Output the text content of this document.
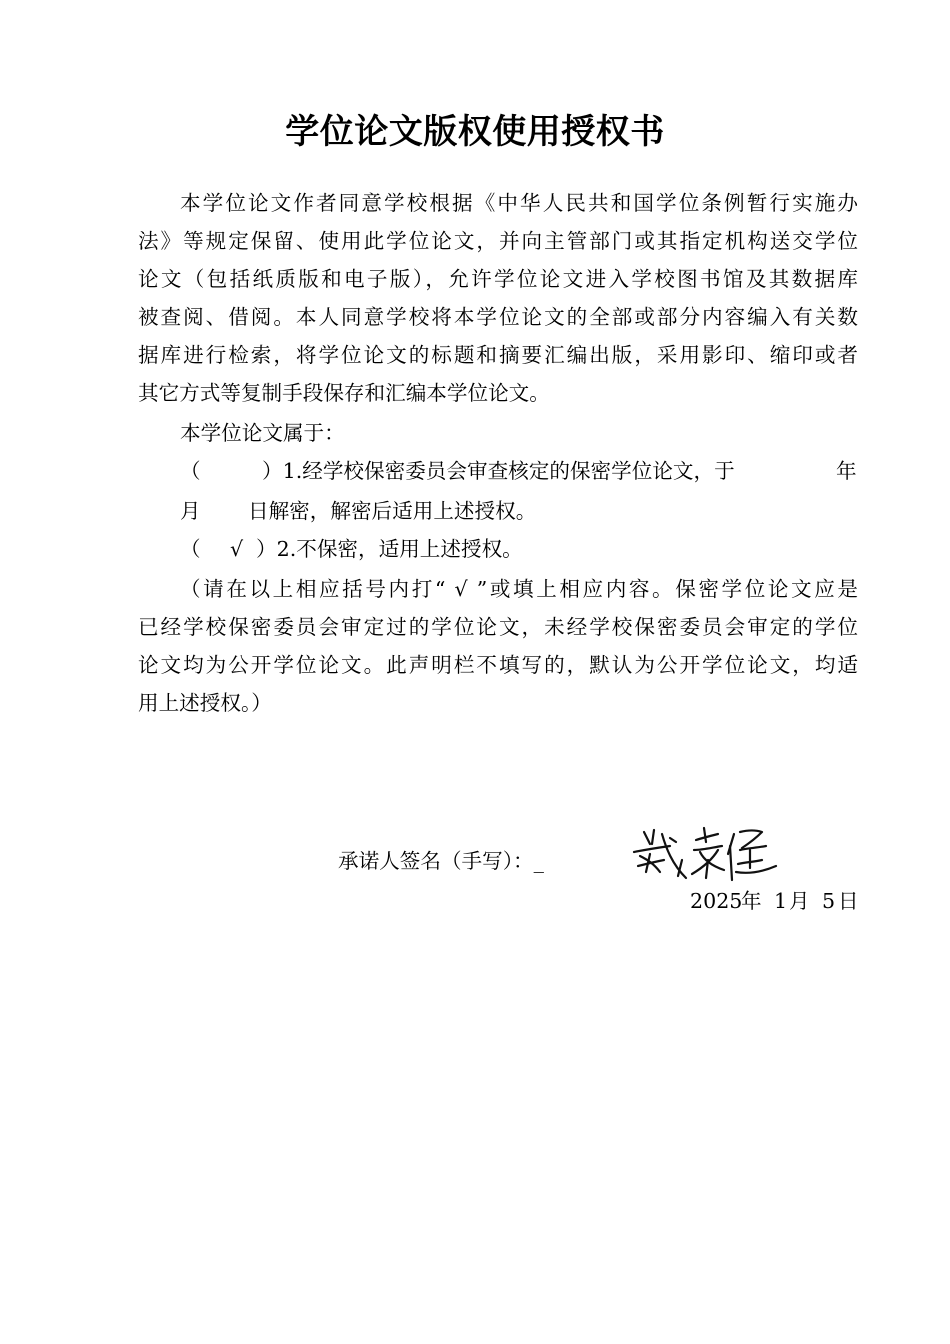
学位论文版权使用授权书
本学位论文作者同意学校根据《中华人民共和国学位条例暂行实施办
法》等规定保留、使用此学位论文，并向主管部门或其指定机构送交学位
论文（包括纸质版和电子版），允许学位论文进入学校图书馆及其数据库
被查阅、借阅。本人同意学校将本学位论文的全部或部分内容编入有关数
据库进行检索，将学位论文的标题和摘要汇编出版，采用影印、缩印或者
其它方式等复制手段保存和汇编本学位论文。
本学位论文属于：
（	）1.经学校保密委员会审查核定的保密学位论文，于	年
月 日解密，解密后适用上述授权。
（ √ ）2.不保密，适用上述授权。
（请在以上相应括号内打“ √ ”或填上相应内容。保密学位论文应是
已经学校保密委员会审定过的学位论文，未经学校保密委员会审定的学位
论文均为公开学位论文。此声明栏不填写的，默认为公开学位论文，均适
用上述授权。）
承诺人签名（手写）：_
2025
年 1 月 5 日
